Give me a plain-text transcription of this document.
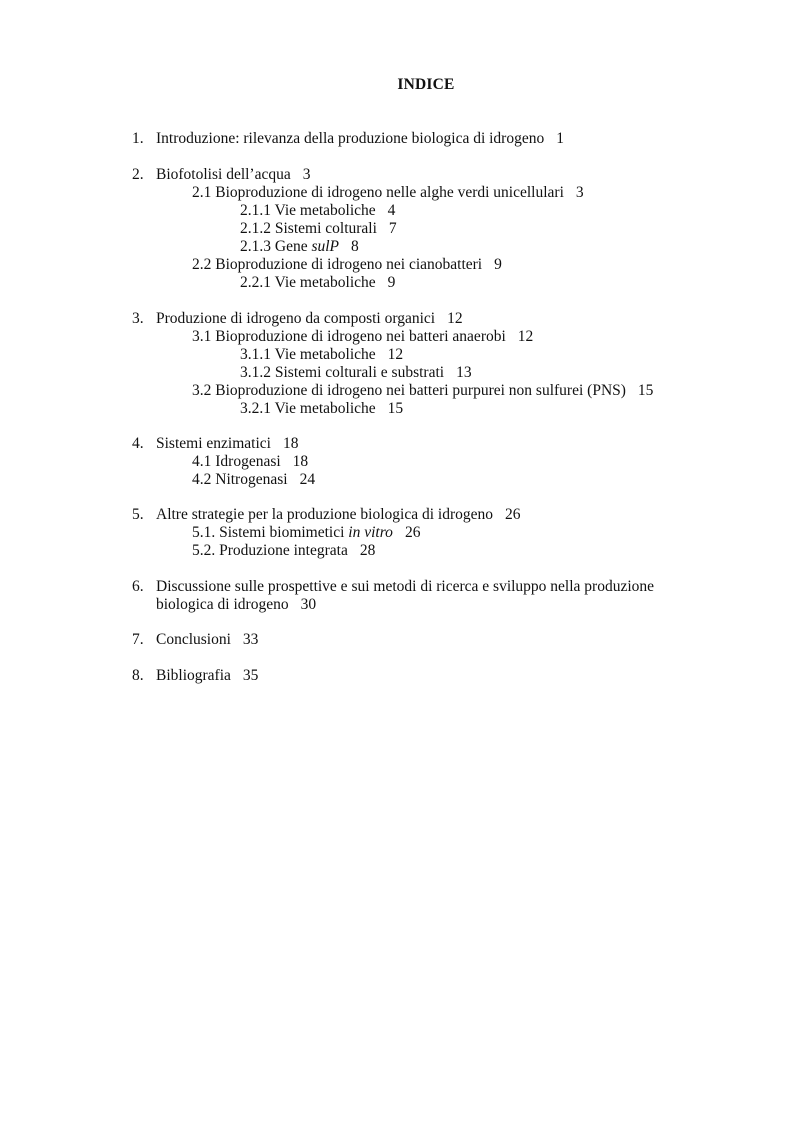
INDICE
1. Introduzione: rilevanza della produzione biologica di idrogeno 1
2. Biofotolisi dell’acqua 3
2.1 Bioproduzione di idrogeno nelle alghe verdi unicellulari 3
2.1.1 Vie metaboliche 4
2.1.2 Sistemi colturali 7
2.1.3 Gene sulP 8
2.2 Bioproduzione di idrogeno nei cianobatteri 9
2.2.1 Vie metaboliche 9
3. Produzione di idrogeno da composti organici 12
3.1 Bioproduzione di idrogeno nei batteri anaerobi 12
3.1.1 Vie metaboliche 12
3.1.2 Sistemi colturali e substrati 13
3.2 Bioproduzione di idrogeno nei batteri purpurei non sulfurei (PNS) 15
3.2.1 Vie metaboliche 15
4. Sistemi enzimatici 18
4.1 Idrogenasi 18
4.2 Nitrogenasi 24
5. Altre strategie per la produzione biologica di idrogeno 26
5.1. Sistemi biomimetici in vitro 26
5.2. Produzione integrata 28
6. Discussione sulle prospettive e sui metodi di ricerca e sviluppo nella produzione
biologica di idrogeno 30
7. Conclusioni 33
8. Bibliografia 35
